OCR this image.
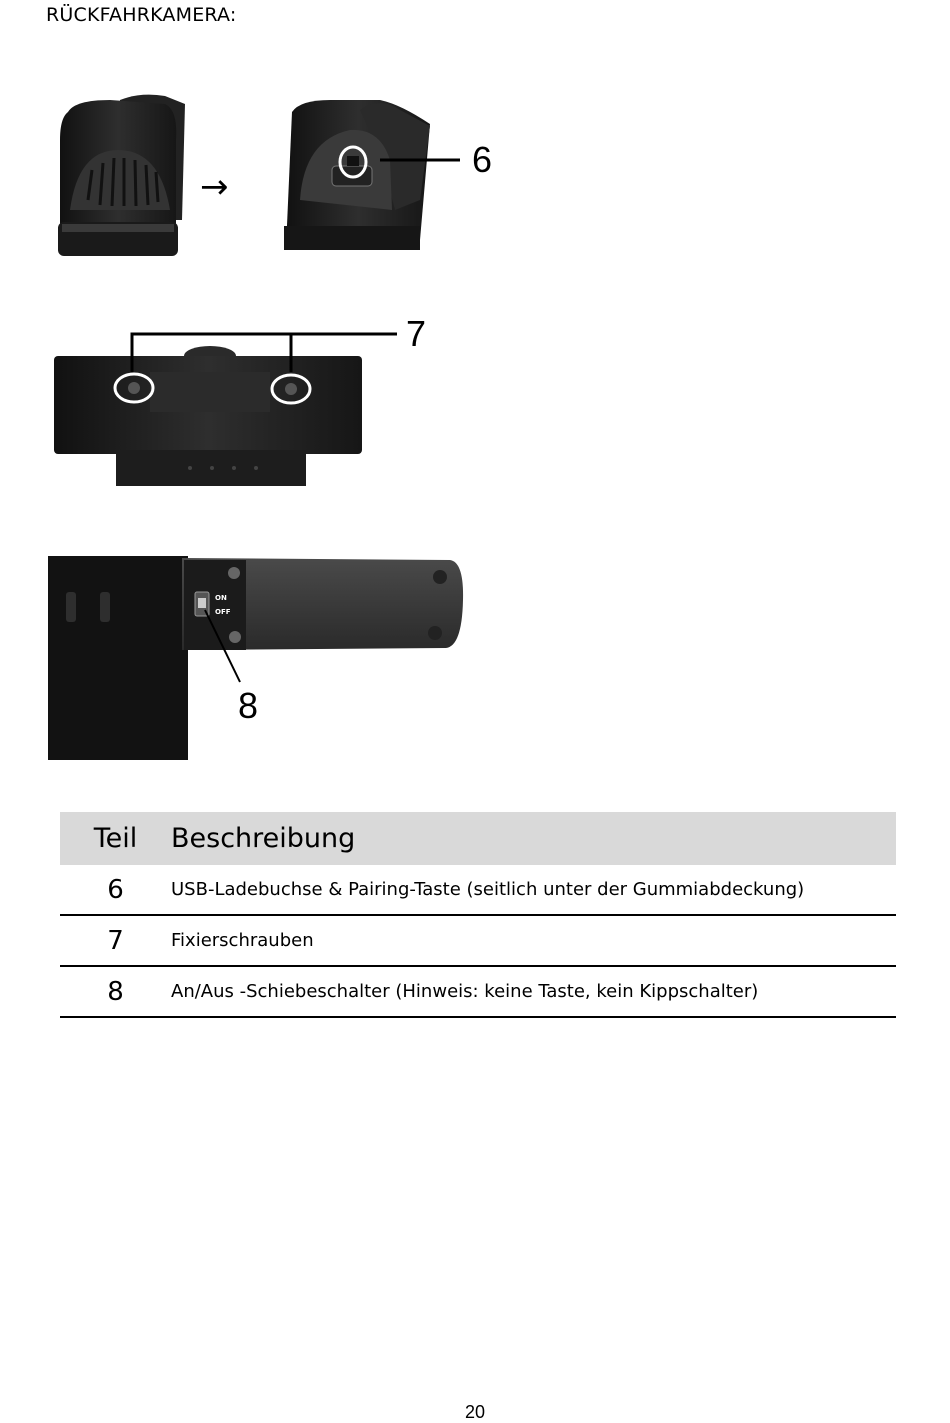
RÜCKFAHRKAMERA:
→
6
7
8
ON
OFF
Teil	Beschreibung
6	USB-Ladebuchse & Pairing-Taste (seitlich unter der Gummiabdeckung)
7	Fixierschrauben
8	An/Aus -Schiebeschalter (Hinweis: keine Taste, kein Kippschalter)
20
